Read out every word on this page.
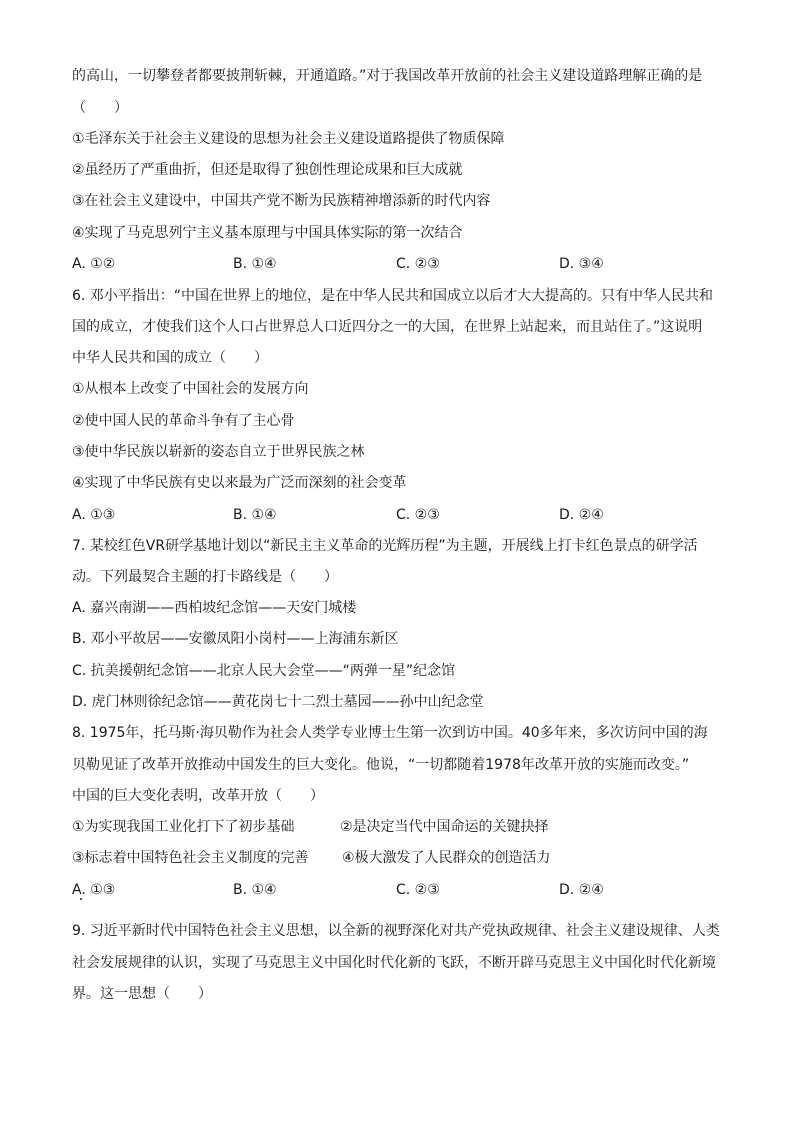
的高山，一切攀登者都要披荆斩棘，开通道路。”对于我国改革开放前的社会主义建设道路理解正确的是
（　　）
①毛泽东关于社会主义建设的思想为社会主义建设道路提供了物质保障
②虽经历了严重曲折，但还是取得了独创性理论成果和巨大成就
③在社会主义建设中，中国共产党不断为民族精神增添新的时代内容
④实现了马克思列宁主义基本原理与中国具体实际的第一次结合
A. ①②	B. ①④	C. ②③	D. ③④
6. 邓小平指出：“中国在世界上的地位，是在中华人民共和国成立以后才大大提高的。只有中华人民共和
国的成立，才使我们这个人口占世界总人口近四分之一的大国，在世界上站起来，而且站住了。”这说明
中华人民共和国的成立（　　）
①从根本上改变了中国社会的发展方向
②使中国人民的革命斗争有了主心骨
③使中华民族以崭新的姿态自立于世界民族之林
④实现了中华民族有史以来最为广泛而深刻的社会变革
A. ①③	B. ①④	C. ②③	D. ②④
7. 某校红色VR研学基地计划以“新民主主义革命的光辉历程”为主题，开展线上打卡红色景点的研学活
动。下列最契合主题的打卡路线是（　　）
A. 嘉兴南湖——西柏坡纪念馆——天安门城楼
B. 邓小平故居——安徽凤阳小岗村——上海浦东新区
C. 抗美援朝纪念馆——北京人民大会堂——“两弹一星”纪念馆
D. 虎门林则徐纪念馆——黄花岗七十二烈士墓园——孙中山纪念堂
8. 1975年，托马斯·海贝勒作为社会人类学专业博士生第一次到访中国。40多年来，多次访问中国的海
贝勒见证了改革开放推动中国发生的巨大变化。他说，“一切都随着1978年改革开放的实施而改变。”
中国的巨大变化表明，改革开放（　　）
①为实现我国工业化打下了初步基础	②是决定当代中国命运的关键抉择
③标志着中国特色社会主义制度的完善 ④极大激发了人民群众的创造活力
A. ①③	B. ①④	C. ②③	D. ②④
9. 习近平新时代中国特色社会主义思想，以全新的视野深化对共产党执政规律、社会主义建设规律、人类
社会发展规律的认识，实现了马克思主义中国化时代化新的飞跃，不断开辟马克思主义中国化时代化新境
界。这一思想（　　）
